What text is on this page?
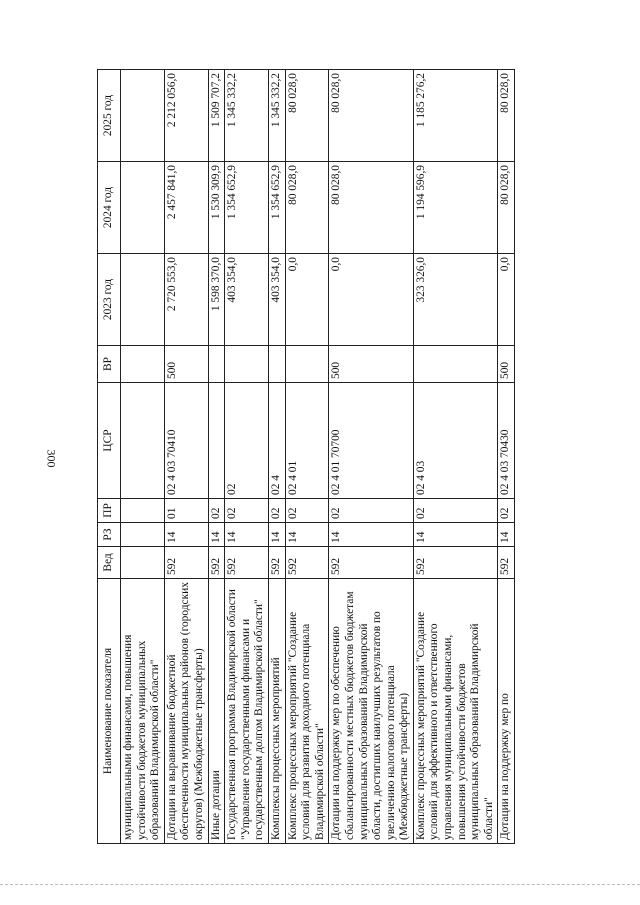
300
Наименование показателя	Вед	РЗ	ПР	ЦСР	ВР	2023 год	2024 год	2025 год
муниципальными финансами, повышения устойчивости бюджетов муниципальных образований Владимирской области"								
Дотации на выравнивание бюджетной обеспеченности муниципальных районов (городских округов) (Межбюджетные трансферты)	592	14	01	02 4 03 70410	500	2 720 553,0	2 457 841,0	2 212 056,0
Иные дотации	592	14	02			1 598 370,0	1 530 309,9	1 509 707,2
Государственная программа Владимирской области "Управление государственными финансами и государственным долгом Владимирской области"	592	14	02	02		403 354,0	1 354 652,9	1 345 332,2
Комплексы процессных мероприятий	592	14	02	02 4		403 354,0	1 354 652,9	1 345 332,2
Комплекс процессных мероприятий "Создание условий для развития доходного потенциала Владимирской области"	592	14	02	02 4 01		0,0	80 028,0	80 028,0
Дотации на поддержку мер по обеспечению сбалансированности местных бюджетов бюджетам муниципальных образований Владимирской области, достигших наилучших результатов по увеличению налогового потенциала (Межбюджетные трансферты)	592	14	02	02 4 01 70700	500	0,0	80 028,0	80 028,0
Комплекс процессных мероприятий "Создание условий для эффективного и ответственного управления муниципальными финансами, повышения устойчивости бюджетов муниципальных образований Владимирской области"	592	14	02	02 4 03		323 326,0	1 194 596,9	1 185 276,2
Дотации на поддержку мер по	592	14	02	02 4 03 70430	500	0,0	80 028,0	80 028,0
